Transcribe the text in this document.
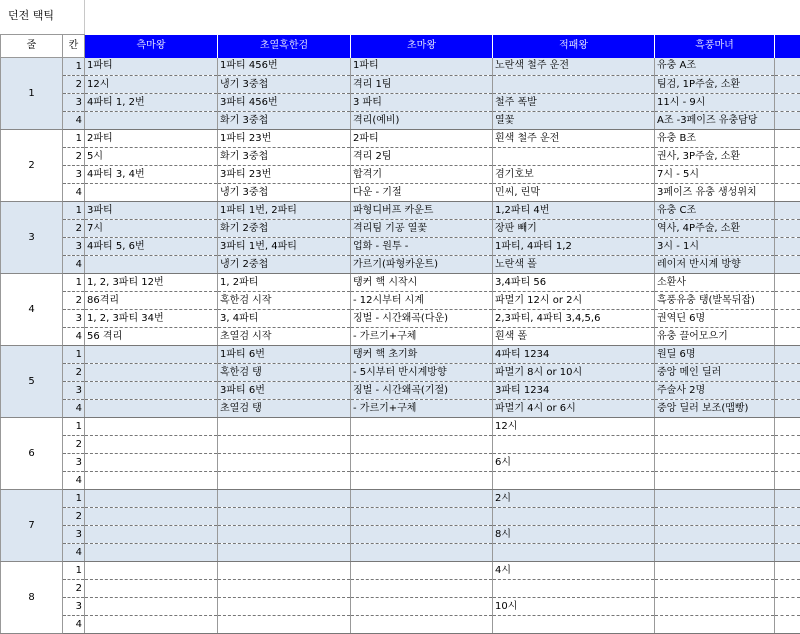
던전 택틱
줄	칸	측마왕	초열혹한검	초마왕	적패왕	흑풍마녀	
1	1	1파티	1파티 456번	1파티	노란색 철주 운전	유충 A조	
	2	12시	냉기 3중첩	격리 1팀		팀검, 1P주술, 소환	
	3	4파티 1, 2번	3파티 456번	3 파티	철주 폭발	11시 - 9시	
	4		화기 3중첩	격리(예비)	열꽃	A조 -3페이즈 유충담당	
2	1	2파티	1파티 23번	2파티	흰색 철주 운전	유충 B조	
	2	5시	화기 3중첩	격리 2팀		권사, 3P주술, 소환	
	3	4파티 3, 4번	3파티 23번	합격기	겸기호보	7시 - 5시	
	4		냉기 3중첩	다운 - 기절	민씨, 린막	3페이즈 유충 생성위치	
3	1	3파티	1파티 1번, 2파티	파형디버프 카운트	1,2파티 4번	유충 C조	
	2	7시	화기 2중첩	격리팀 기공 열꽃	장판 빼기	역사, 4P주술, 소환	
	3	4파티 5, 6번	3파티 1번, 4파티	업화 - 원투 -	1파티, 4파티 1,2	3시 - 1시	
	4		냉기 2중첩	가르기(파형카운트)	노란색 폴	레이저 반시계 방향	
4	1	1, 2, 3파티 12번	1, 2파티	탱커 핵 시작시	3,4파티 56	소환사	
	2	86격리	혹한검 시작	- 12시부터 시계	파멸기 12시 or 2시	흑풍유충 탱(발목뒤잡)	
	3	1, 2, 3파티 34번	3, 4파티	징벌 - 시간왜곡(다운)	2,3파티, 4파티 3,4,5,6	권역딘 6명	
	4	56 격리	초열검 시작	- 가르기+구체	흰색 폴	유충 끌어모으기	
5	1		1파티 6번	탱커 핵 초기화	4파티 1234	원딜 6명	
	2		혹한검 탱	- 5시부터 반시계방향	파멸기 8시 or 10시	중앙 메인 딜러	
	3		3파티 6번	징벌 - 시간왜곡(기절)	3파티 1234	주술사 2명	
	4		초열검 탱	- 가르기+구체	파멸기 4시 or 6시	중앙 딜러 보조(맵빵)	
6	1				12시		
	2						
	3				6시		
	4						
7	1				2시		
	2						
	3				8시		
	4						
8	1				4시		
	2						
	3				10시		
	4						
